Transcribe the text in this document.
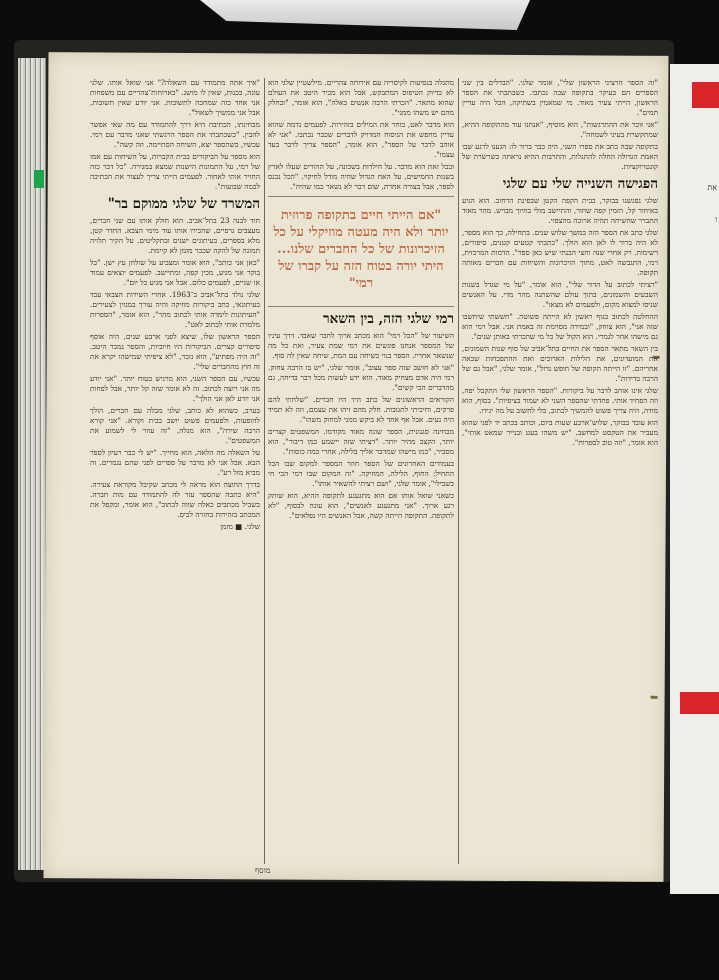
את
ו

"זה הספר הרציני הראשון שלי", אומר שלגי. "הבדלים בין שני הספרים הם בעיקר בתקופה שבה נכתבו. כשכתבתי את הספר הראשון, הייתי צעיר מאוד. מי שמאמין בשתיקה, הכל היה עדיין תמים".

"אני זוכר את ההתרגשות", הוא מוסיף, "אנחנו עוד מהתקופה ההיא, שמתקשרת בעיני לשמחה".

בתקופה שבה כתב את ספרו השני, היה כבר ברור לו: הגענו לרגע שבו האמת הגדולה החלה להתגלות, והתרבות ההיא נראתה כשרשרת של קונטרוקציות.

הפגישה השנייה שלי עם שלגי

שלגי נפגשנו בבוקר, בבית הקפה הקטן שבפינת הרחוב. הוא הגיע באיחור קל, הזמין קפה שחור, והתיישב מולי בחיוך מבויש. מהר מאוד התברר שהשיחה תהיה ארוכה מהצפוי.

שלגי כתב את הספר הזה במשך שלוש שנים. בתחילה, כך הוא מספר, לא היה ברור לו לאן הוא הולך. "כתבתי קטעים קטנים, סיפורים, רשימות. רק אחרי שנה וחצי הבנתי שיש כאן ספר". הדמות המרכזית, רמי, התגבשה לאט, מתוך הזיכרונות והשיחות עם חברים מאותה תקופה.

"רציתי לכתוב על הדור שלי", הוא אומר, "על מי שגדל בשנות השבעים והשמונים, בתוך עולם שהשתנה מהר מדי. על האנשים שניסו למצוא מקום, ולפעמים לא מצאו".

ההחלטה לכתוב בגוף ראשון לא הייתה פשוטה. "חששתי שיחשבו שזה אני", הוא צוחק, "ובמידה מסוימת זה באמת אני. אבל רמי הוא גם מישהו אחר לגמרי. הוא הקול של כל מי שהכרתי באותן שנים".

בין השאר מתאר הספר את החיים בתל־אביב של סוף שנות השמונים, את המועדונים, את הלילות הארוכים ואת ההתפכחות שבאה אחריהם. "זו הייתה תקופה של חופש גדול", אומר שלגי, "אבל גם של הרבה בדידות".

שלגי אינו אוהב לדבר על ביקורות. "הספר הראשון שלי התקבל יפה, וזה הפחיד אותי. פחדתי שהספר השני לא יעמוד בציפיות". בסוף, הוא מודה, היה צריך פשוט להמשיך לכתוב, בלי לחשוב על מה יגידו.

הוא עובד בבוקר, שלוש־ארבע שעות ביום, וכותב בכתב יד לפני שהוא מעביר את הטקסט למחשב. "יש משהו בעט ובנייר שמאט אותי", הוא אומר, "וזה טוב לספרות".

מתגלה בנסיעות לקיסריה עם אירוחה צהריים. מילשטיין שלגי הוא לא בדיוק הטיפוס המתבקש, אבל הוא מכיר היטב את העולם שהוא מתאר. "הכרתי הרבה אנשים כאלה", הוא אומר, "ובחלק מהם יש משהו ממני".

הוא מדבר לאט, בוחר את המילים בזהירות. לפעמים נדמה שהוא עדיין מחפש את הניסוח המדויק לדברים שכבר נכתבו. "אני לא אוהב לדבר על הספר", הוא אומר, "הספר צריך לדבר בעד עצמו".

ובכל זאת הוא מדבר. על הילדות בשכונה, על ההורים שעלו לארץ בשנות החמישים, על האח הגדול שהיה מודל לחיקוי. "הכל נכנס לספר, אבל בצורה אחרת. שום דבר לא נשאר כמו שהיה".

"אם הייתי חיים בתקופה פרוזית יותר ולא היה מעטה מוזיקלי על כל הזיכרונות של כל החברים שלנו... היתי יורה בטוח הזה על קברו של רמי"
רמי שלגי הזה, בין השאר

השיעור של "הכל רמי" הוא מכתב ארוך לחבר שאבד. דרך עיניו של המספר אנחנו פוגשים את רמי שמת צעיר, ואת כל מה שנשאר אחריו. הספר בנוי כשיחה עם המת, שיחה שאין לה סוף.

"אני לא חושב שזה ספר עצוב", אומר שלגי, "יש בו הרבה צחוק. רמי היה אדם מצחיק מאוד. הוא ידע לעשות מכל דבר בדיחה, גם מהדברים הכי קשים".

הקוראים הראשונים של כתב היד היו חברים. "שלחתי להם פרקים, וחיכיתי לתגובות. חלק מהם זיהו את עצמם, וזה לא תמיד היה נעים. אבל אף אחד לא ביקש ממני למחוק משהו".

מבחינה סגנונית, הספר שונה מאוד מקודמו. המשפטים קצרים יותר, הקצב מהיר יותר. "רציתי שזה יישמע כמו דיבור", הוא מסביר, "כמו מישהו שמדבר אליך בלילה, אחרי כמה כוסות".

בעמודים האחרונים של הספר חוזר המספר למקום שבו הכל התחיל: החוף, הלילה, המוזיקה. "זה המקום שבו רמי הכי חי בשבילי", אומר שלגי, "ושם רציתי להשאיר אותו".

כשאני שואל אותו אם הוא מתגעגע לתקופה ההיא, הוא שותק רגע ארוך. "אני מתגעגע לאנשים", הוא עונה לבסוף, "לא לתקופה. התקופה הייתה קשה, אבל האנשים היו נפלאים".

"איך אתה מתמודד עם השאלה?" אני שואל אותו. שלגי עונה, בכנות, שאין לו מושג. "בארוחות־צהריים עם משפחות אני אחד כזה שמחכה לתשובות. אני יודע שאין תשובות, אבל אני ממשיך לשאול".

מבחינתו, הכתיבה היא דרך להתמודד עם מה שאי אפשר להבין. "כשכתבתי את הספר הרגשתי שאני מדבר עם רמי. עכשיו, כשהספר יצא, השיחה הסתיימה. וזה קשה".

הוא מספר על הביקורים בבית הקברות, על השיחות עם אמו של רמי, על התמונות הישנות שמצא במגירה. "כל דבר כזה החזיר אותי לאחור. לפעמים הייתי צריך לעצור את הכתיבה לכמה שבועות".

המשרד של שלגי ממוקם בר"

חוד לבנה 23 בתל־אביב. הוא חולק אותו עם שני חברים, מעצבים גרפיים, שהכירו אותו עוד מימי הצבא. החדר קטן, מלא בספרים, בעיתונים ישנים ובתקליטים. על הקיר תלויה תמונה של להקה שכבר מזמן לא קיימת.

"כאן אני כותב", הוא אומר ומצביע על שולחן עץ ישן. "כל בוקר אני מגיע, מכין קפה, ומתיישב. לפעמים יוצאים עמוד או שניים, לפעמים כלום. אבל אני מגיע כל יום".

שלגי נולד בתל־אביב ב־1963. אחרי השירות הצבאי עבד כעיתונאי, כתב ביקורות מוזיקה והיה עורך במגזין לצעירים. "העיתונות לימדה אותי לכתוב מהר", הוא אומר, "הספרות מלמדת אותי לכתוב לאט".

הספר הראשון שלו, שיצא לפני ארבע שנים, היה אוסף סיפורים קצרים. הביקורות היו חיוביות, והספר נמכר היטב. "זה היה מפתיע", הוא נזכר, "לא ציפיתי שמישהו יקרא את זה חוץ מהחברים שלי".

עכשיו, עם הספר השני, הוא מרגיש בטוח יותר. "אני יודע מה אני רוצה לכתוב. זה לא אומר שזה קל יותר, אבל לפחות אני יודע לאן אני הולך".

בערב, כשהוא לא כותב, שלגי מבלה עם חברים, הולך להופעות, ולפעמים פשוט יושב בבית וקורא. "אני קורא הרבה שירה", הוא מגלה, "זה עוזר לי לשמוע את המשפטים".

על השאלה מה הלאה, הוא מחייך. "יש לי כבר רעיון לספר הבא. אבל אני לא מדבר על ספרים לפני שהם נגמרים. זה מביא מזל רע".

בדרך החוצה הוא מראה לי מכתב שקיבל מקוראת צעירה. "היא כתבה שהספר עזר לה להתמודד עם מות חברה. בשביל מכתבים כאלה שווה לכתוב", הוא אומר, ומקפל את המכתב בזהירות בחזרה לכיס.

שלגי. ■ מזמן

מוסף
